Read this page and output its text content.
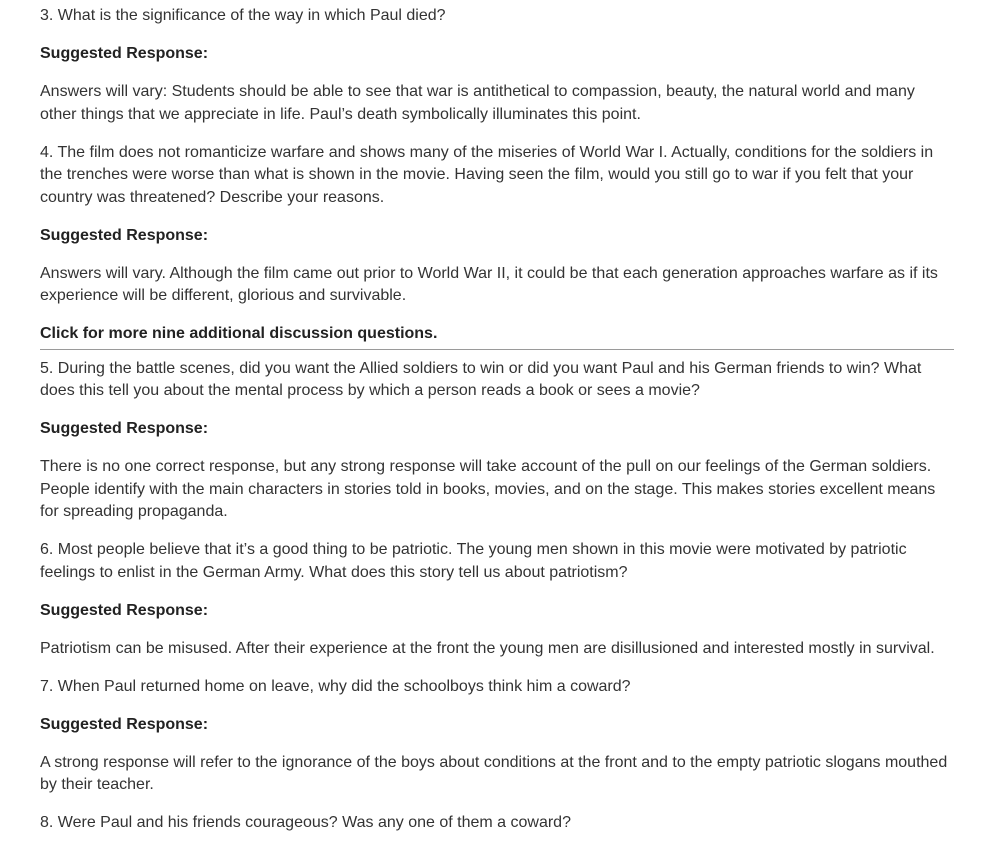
3. What is the significance of the way in which Paul died?

Suggested Response:

Answers will vary: Students should be able to see that war is antithetical to compassion, beauty, the natural world and many other things that we appreciate in life. Paul’s death symbolically illuminates this point.

4. The film does not romanticize warfare and shows many of the miseries of World War I. Actually, conditions for the soldiers in the trenches were worse than what is shown in the movie. Having seen the film, would you still go to war if you felt that your country was threatened? Describe your reasons.

Suggested Response:

Answers will vary. Although the film came out prior to World War II, it could be that each generation approaches warfare as if its experience will be different, glorious and survivable.

Click for more nine additional discussion questions.

5. During the battle scenes, did you want the Allied soldiers to win or did you want Paul and his German friends to win? What does this tell you about the mental process by which a person reads a book or sees a movie?

Suggested Response:

There is no one correct response, but any strong response will take account of the pull on our feelings of the German soldiers. People identify with the main characters in stories told in books, movies, and on the stage. This makes stories excellent means for spreading propaganda.

6. Most people believe that it’s a good thing to be patriotic. The young men shown in this movie were motivated by patriotic feelings to enlist in the German Army. What does this story tell us about patriotism?

Suggested Response:

Patriotism can be misused. After their experience at the front the young men are disillusioned and interested mostly in survival.

7. When Paul returned home on leave, why did the schoolboys think him a coward?

Suggested Response:

A strong response will refer to the ignorance of the boys about conditions at the front and to the empty patriotic slogans mouthed by their teacher.

8. Were Paul and his friends courageous? Was any one of them a coward?
